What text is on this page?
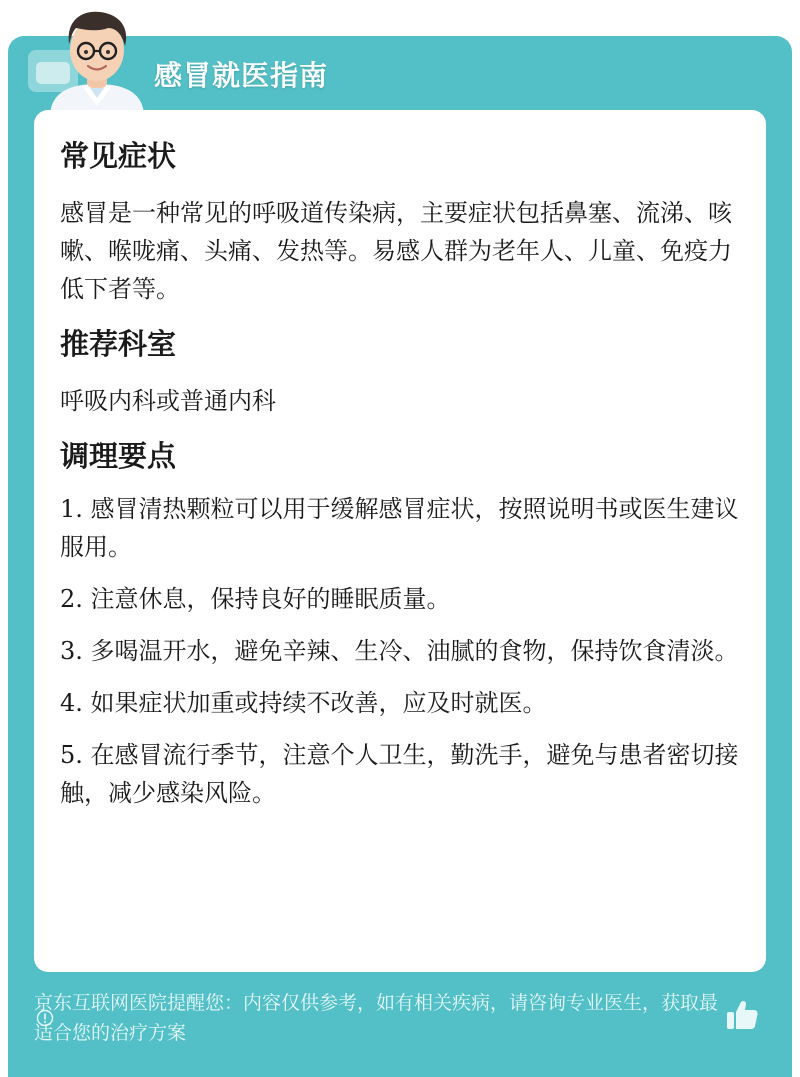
感冒就医指南
常见症状

感冒是一种常见的呼吸道传染病，主要症状包括鼻塞、流涕、咳嗽、喉咙痛、头痛、发热等。易感人群为老年人、儿童、免疫力低下者等。

推荐科室

呼吸内科或普通内科

调理要点
1. 感冒清热颗粒可以用于缓解感冒症状，按照说明书或医生建议服用。
2. 注意休息，保持良好的睡眠质量。
3. 多喝温开水，避免辛辣、生冷、油腻的食物，保持饮食清淡。
4. 如果症状加重或持续不改善，应及时就医。
5. 在感冒流行季节，注意个人卫生，勤洗手，避免与患者密切接触，减少感染风险。
京东互联网医院提醒您：内容仅供参考，如有相关疾病，请咨询专业医生，获取最适合您的治疗方案
